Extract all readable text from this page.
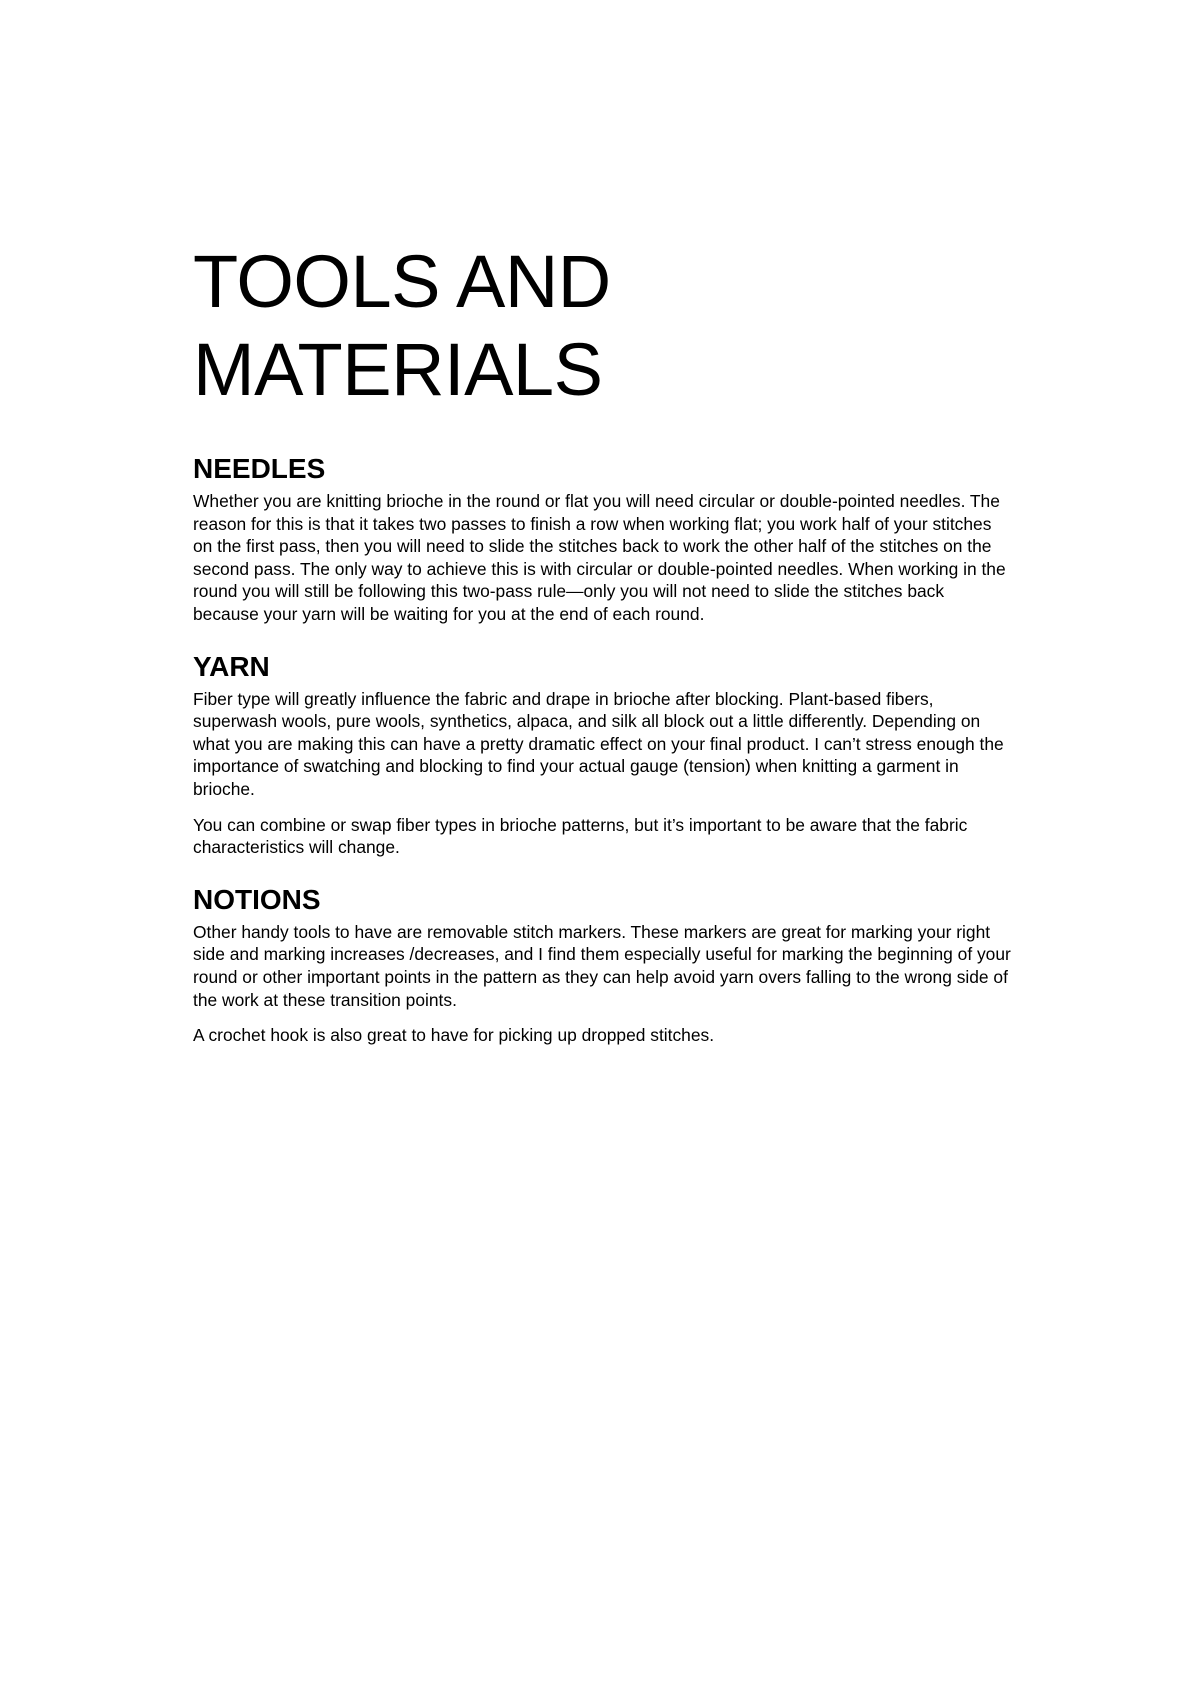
TOOLS AND
MATERIALS
NEEDLES

Whether you are knitting brioche in the round or flat you will need circular or double-pointed needles. The reason for this is that it takes two passes to finish a row when working flat; you work half of your stitches on the first pass, then you will need to slide the stitches back to work the other half of the stitches on the second pass. The only way to achieve this is with circular or double-pointed needles. When working in the round you will still be following this two-pass rule—only you will not need to slide the stitches back because your yarn will be waiting for you at the end of each round.

YARN

Fiber type will greatly influence the fabric and drape in brioche after blocking. Plant-based fibers, superwash wools, pure wools, synthetics, alpaca, and silk all block out a little differently. Depending on what you are making this can have a pretty dramatic effect on your final product. I can’t stress enough the importance of swatching and blocking to find your actual gauge (tension) when knitting a garment in brioche.

You can combine or swap fiber types in brioche patterns, but it’s important to be aware that the fabric characteristics will change.

NOTIONS

Other handy tools to have are removable stitch markers. These markers are great for marking your right side and marking increases /decreases, and I find them especially useful for marking the beginning of your round or other important points in the pattern as they can help avoid yarn overs falling to the wrong side of the work at these transition points.

A crochet hook is also great to have for picking up dropped stitches.
